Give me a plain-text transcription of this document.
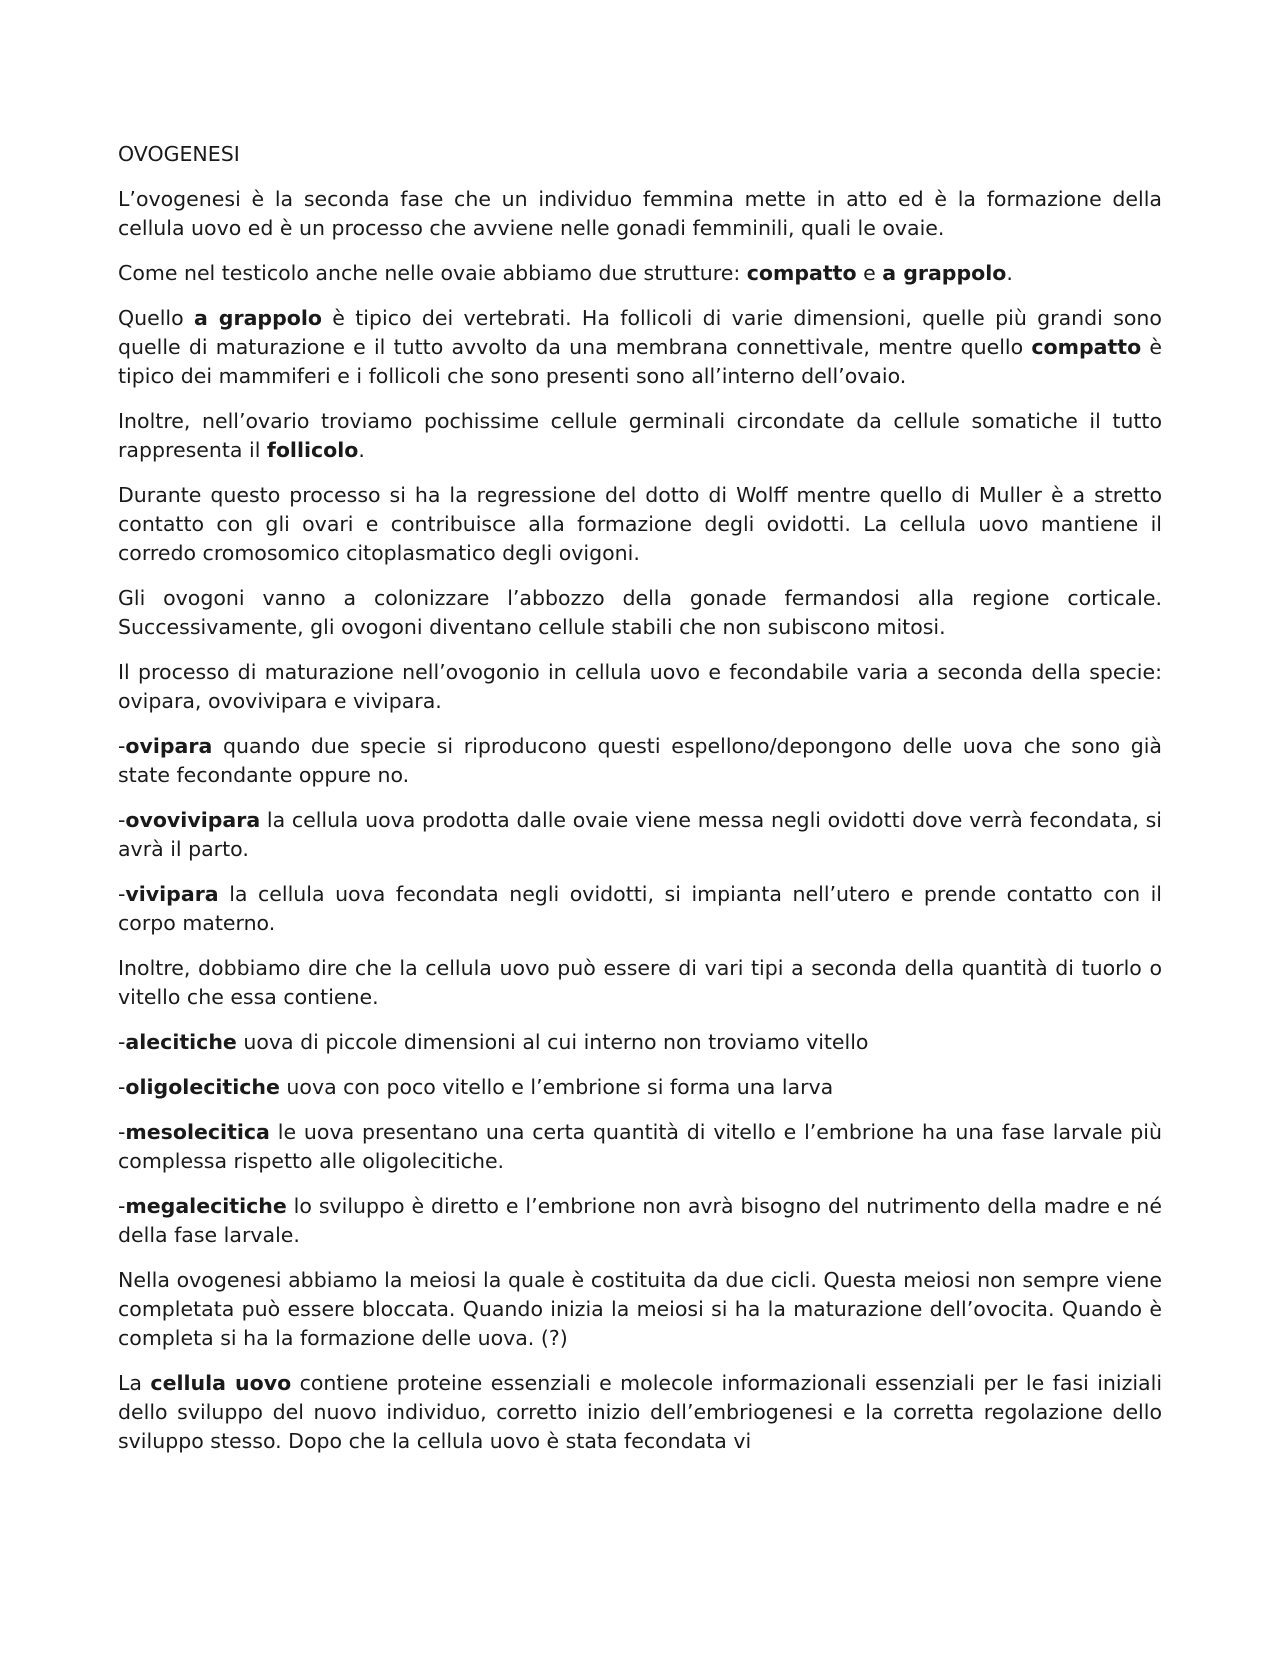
OVOGENESI

L’ovogenesi è la seconda fase che un individuo femmina mette in atto ed è la formazione della cellula uovo ed è un processo che avviene nelle gonadi femminili, quali le ovaie.

Come nel testicolo anche nelle ovaie abbiamo due strutture: compatto e a grappolo.

Quello a grappolo è tipico dei vertebrati. Ha follicoli di varie dimensioni, quelle più grandi sono quelle di maturazione e il tutto avvolto da una membrana connettivale, mentre quello compatto è tipico dei mammiferi e i follicoli che sono presenti sono all’interno dell’ovaio.

Inoltre, nell’ovario troviamo pochissime cellule germinali circondate da cellule somatiche il tutto rappresenta il follicolo.

Durante questo processo si ha la regressione del dotto di Wolff mentre quello di Muller è a stretto contatto con gli ovari e contribuisce alla formazione degli ovidotti. La cellula uovo mantiene il corredo cromosomico citoplasmatico degli ovigoni.

Gli ovogoni vanno a colonizzare l’abbozzo della gonade fermandosi alla regione corticale. Successivamente, gli ovogoni diventano cellule stabili che non subiscono mitosi.

Il processo di maturazione nell’ovogonio in cellula uovo e fecondabile varia a seconda della specie: ovipara, ovovivipara e vivipara.

-ovipara quando due specie si riproducono questi espellono/depongono delle uova che sono già state fecondante oppure no.

-ovovivipara la cellula uova prodotta dalle ovaie viene messa negli ovidotti dove verrà fecondata, si avrà il parto.

-vivipara la cellula uova fecondata negli ovidotti, si impianta nell’utero e prende contatto con il corpo materno.

Inoltre, dobbiamo dire che la cellula uovo può essere di vari tipi a seconda della quantità di tuorlo o vitello che essa contiene.

-alecitiche uova di piccole dimensioni al cui interno non troviamo vitello

-oligolecitiche uova con poco vitello e l’embrione si forma una larva

-mesolecitica le uova presentano una certa quantità di vitello e l’embrione ha una fase larvale più complessa rispetto alle oligolecitiche.

-megalecitiche lo sviluppo è diretto e l’embrione non avrà bisogno del nutrimento della madre e né della fase larvale.

Nella ovogenesi abbiamo la meiosi la quale è costituita da due cicli. Questa meiosi non sempre viene completata può essere bloccata. Quando inizia la meiosi si ha la maturazione dell’ovocita. Quando è completa si ha la formazione delle uova. (?)

La cellula uovo contiene proteine essenziali e molecole informazionali essenziali per le fasi iniziali dello sviluppo del nuovo individuo, corretto inizio dell’embriogenesi e la corretta regolazione dello sviluppo stesso. Dopo che la cellula uovo è stata fecondata vi
